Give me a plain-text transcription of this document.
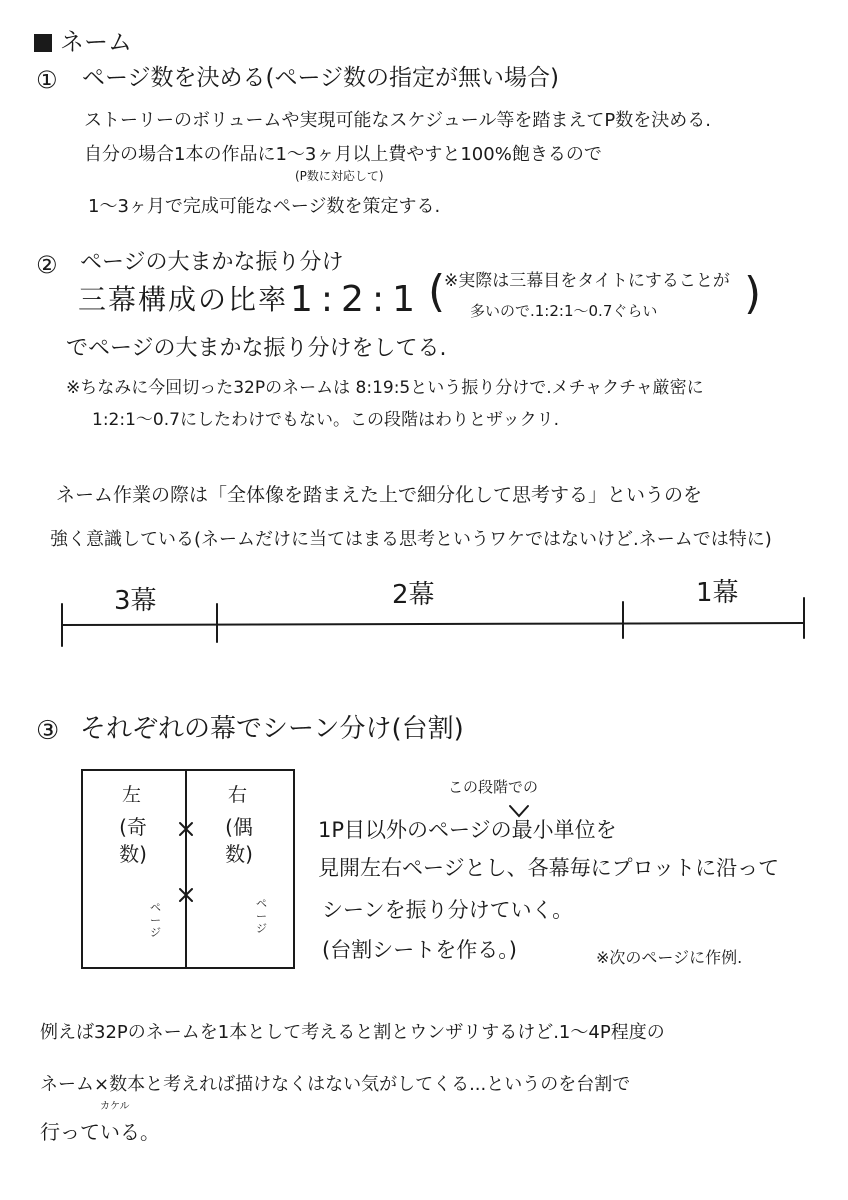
ネーム
① ページ数を決める(ページ数の指定が無い場合)
ストーリーのボリュームや実現可能なスケジュール等を踏まえてP数を決める.
自分の場合1本の作品に1〜3ヶ月以上費やすと100%飽きるので
(P数に対応して)
1〜3ヶ月で完成可能なページ数を策定する.
② ページの大まかな振り分け
三幕構成の比率 1:2:1 (
※実際は三幕目をタイトにすることが
多いので.1:2:1〜0.7ぐらい )
でページの大まかな振り分けをしてる.
※ちなみに今回切った32Pのネームは 8:19:5という振り分けで.メチャクチャ厳密に
1:2:1〜0.7にしたわけでもない。この段階はわりとザックリ.
ネーム作業の際は「全体像を踏まえた上で細分化して思考する」というのを
強く意識している(ネームだけに当てはまる思考というワケではないけど.ネームでは特に)
3幕	2幕	1幕
③ それぞれの幕でシーン分け(台割)
左
(奇数)
ページ
右
(偶数)
ページ
この段階での
1P目以外のページの最小単位を
見開左右ページとし、各幕毎にプロットに沿って
シーンを振り分けていく。
(台割シートを作る。)	※次のページに作例.
例えば32Pのネームを1本として考えると割とウンザリするけど.1〜4P程度の
ネーム×数本と考えれば描けなくはない気がしてくる...というのを台割で
カケル
行っている。
